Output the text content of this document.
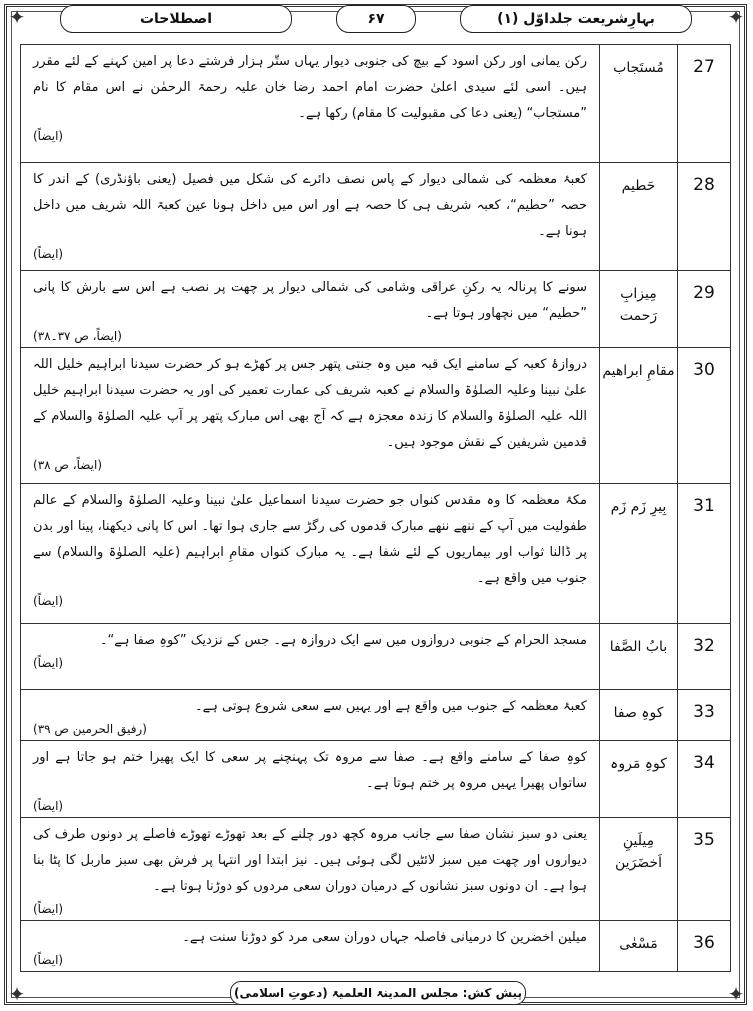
✦	✦
✦	✦
بہارِشریعت جلداوّل (۱)
۶۷
اصطلاحات
27	مُستَجاب	رکن یمانی اور رکن اسود کے بیچ کی جنوبی دیوار یہاں ستّر ہزار فرشتے دعا پر امین کہنے کے لئے مقرر ہیں۔ اسی لئے سیدی اعلیٰ حضرت امام احمد رضا خان علیہ رحمۃ الرحمٰن نے اس مقام کا نام ”مستجاب“ (یعنی دعا کی مقبولیت کا مقام) رکھا ہے۔
(ایضاً)

28	حَطیم	کعبۂ معظمہ کی شمالی دیوار کے پاس نصف دائرے کی شکل میں فصیل (یعنی باؤنڈری) کے اندر کا حصہ ”حطیم“، کعبہ شریف ہی کا حصہ ہے اور اس میں داخل ہونا عین کعبۃ اللہ شریف میں داخل ہونا ہے۔
(ایضاً)

29	مِیزابِ رَحمت	سونے کا پرنالہ یہ رکنِ عراقی وشامی کی شمالی دیوار پر چھت پر نصب ہے اس سے بارش کا پانی ”حطیم“ میں نچھاور ہوتا ہے۔
(ایضاً، ص ۳۷۔۳۸)

30	مقامِ ابراھیم	دروازۂ کعبہ کے سامنے ایک قبہ میں وہ جنتی پتھر جس پر کھڑے ہو کر حضرت سیدنا ابراہیم خلیل اللہ علیٰ نبینا وعلیہ الصلوٰۃ والسلام نے کعبہ شریف کی عمارت تعمیر کی اور یہ حضرت سیدنا ابراہیم خلیل اللہ علیہ الصلوٰۃ والسلام کا زندہ معجزہ ہے کہ آج بھی اس مبارک پتھر پر آپ علیہ الصلوٰۃ والسلام کے قدمین شریفین کے نقش موجود ہیں۔
(ایضاً، ص ۳۸)

31	بِیرِ زَم زَم	مکۂ معظمہ کا وہ مقدس کنواں جو حضرت سیدنا اسماعیل علیٰ نبینا وعلیہ الصلوٰۃ والسلام کے عالم طفولیت میں آپ کے ننھے ننھے مبارک قدموں کی رگڑ سے جاری ہوا تھا۔ اس کا پانی دیکھنا، پینا اور بدن پر ڈالنا ثواب اور بیماریوں کے لئے شفا ہے۔ یہ مبارک کنواں مقامِ ابراہیم (علیہ الصلوٰۃ والسلام) سے جنوب میں واقع ہے۔
(ایضاً)

32	بابُ الصَّفا	مسجد الحرام کے جنوبی دروازوں میں سے ایک دروازہ ہے۔ جس کے نزدیک ”کوہِ صفا ہے“۔
(ایضاً)

33	کوہِ صفا	کعبۂ معظمہ کے جنوب میں واقع ہے اور یہیں سے سعی شروع ہوتی ہے۔
(رفیق الحرمین ص ۳۹)

34	کوہِ مَروہ	کوہِ صفا کے سامنے واقع ہے۔ صفا سے مروہ تک پہنچنے پر سعی کا ایک پھیرا ختم ہو جاتا ہے اور ساتواں پھیرا یہیں مروہ پر ختم ہوتا ہے۔
(ایضاً)

35	مِیلَینِ اَخضَرَین	یعنی دو سبز نشان صفا سے جانب مروہ کچھ دور چلنے کے بعد تھوڑے تھوڑے فاصلے پر دونوں طرف کی دیواروں اور چھت میں سبز لائٹیں لگی ہوئی ہیں۔ نیز ابتدا اور انتہا پر فرش بھی سبز ماربل کا پٹا بنا ہوا ہے۔ ان دونوں سبز نشانوں کے درمیان دوران سعی مردوں کو دوڑنا ہوتا ہے۔
(ایضاً)

36	مَسْعٰی	میلین اخضرین کا درمیانی فاصلہ جہاں دوران سعی مرد کو دوڑنا سنت ہے۔
(ایضاً)
پیش کش: مجلس المدینۃ العلمیۃ (دعوتِ اسلامی)
